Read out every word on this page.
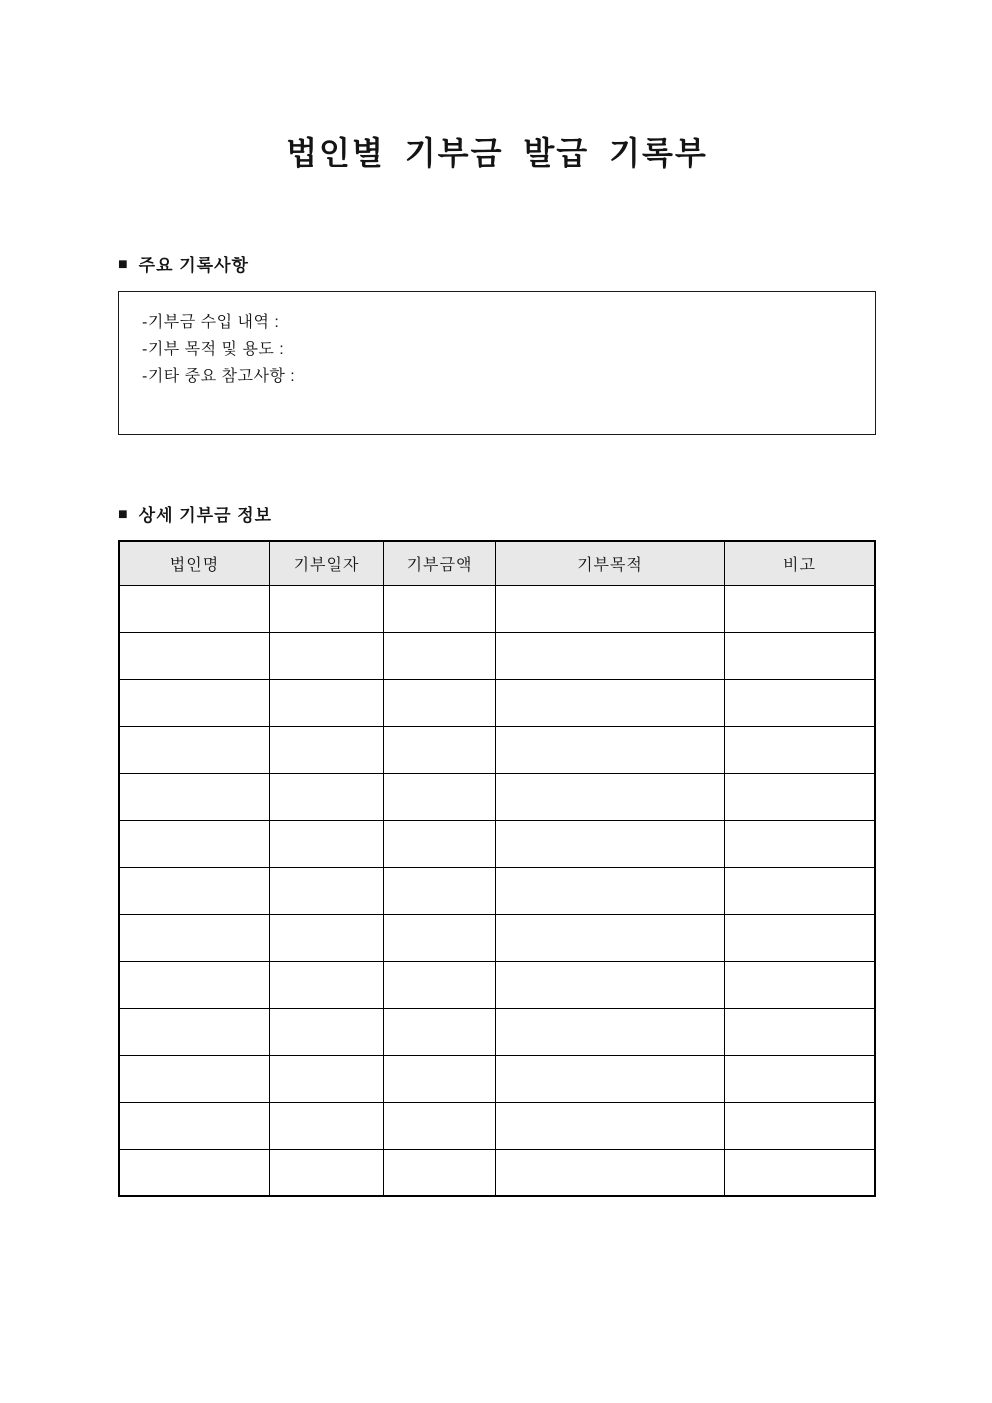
법인별 기부금 발급 기록부
■ 주요 기록사항
-기부금 수입 내역 :
-기부 목적 및 용도 :
-기타 중요 참고사항 :
■ 상세 기부금 정보
법인명	기부일자	기부금액	기부목적	비고
